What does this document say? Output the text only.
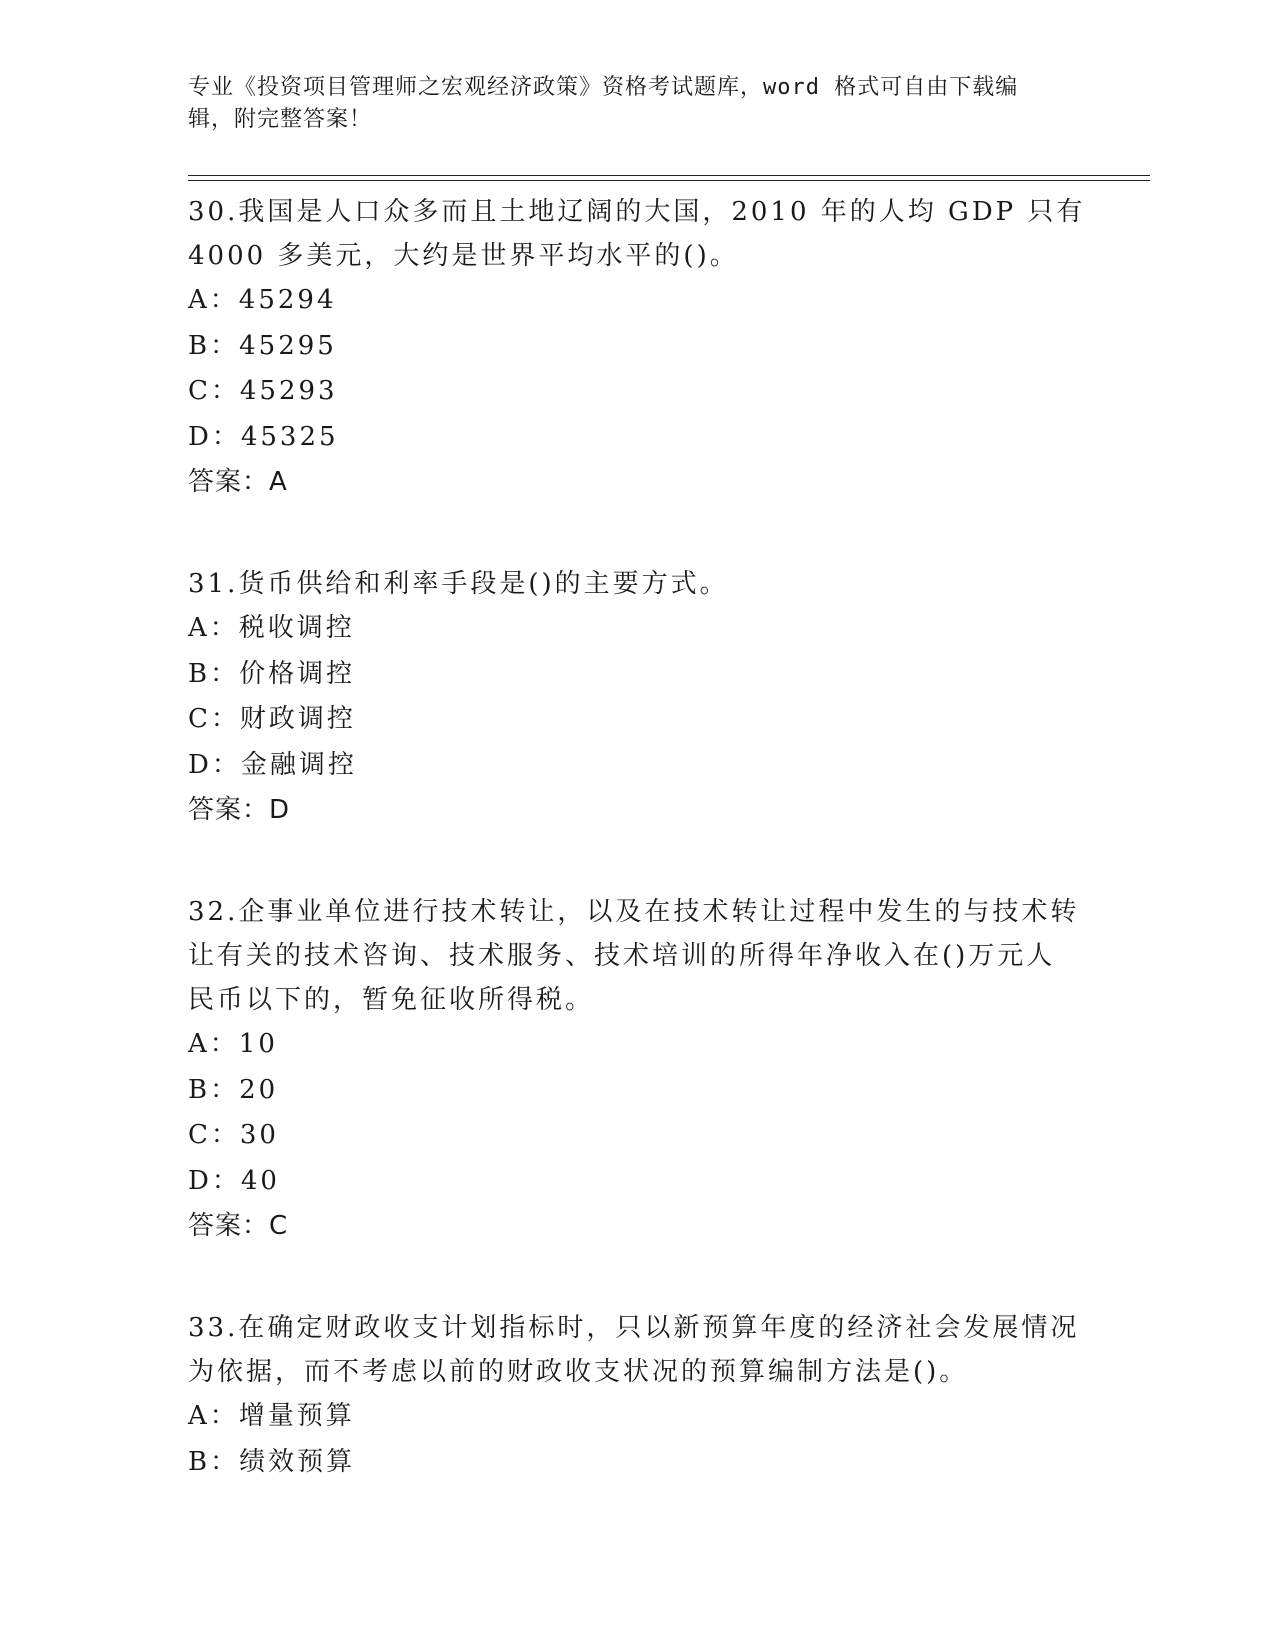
专业《投资项目管理师之宏观经济政策》资格考试题库，word 格式可自由下载编
辑，附完整答案！

30.我国是人口众多而且土地辽阔的大国，2010 年的人均 GDP 只有

4000 多美元，大约是世界平均水平的()。

A：45294

B：45295

C：45293

D：45325

答案：A

31.货币供给和利率手段是()的主要方式。

A：税收调控

B：价格调控

C：财政调控

D：金融调控

答案：D

32.企事业单位进行技术转让，以及在技术转让过程中发生的与技术转

让有关的技术咨询、技术服务、技术培训的所得年净收入在()万元人

民币以下的，暂免征收所得税。

A：10

B：20

C：30

D：40

答案：C

33.在确定财政收支计划指标时，只以新预算年度的经济社会发展情况

为依据，而不考虑以前的财政收支状况的预算编制方法是()。

A：增量预算

B：绩效预算
